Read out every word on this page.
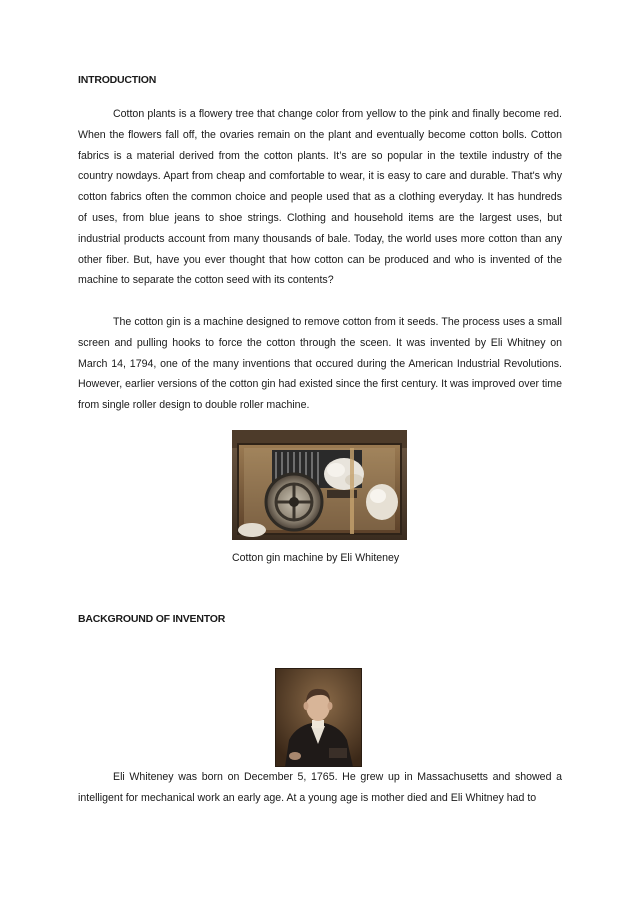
INTRODUCTION

Cotton plants is a flowery tree that change color from yellow to the pink and finally become red. When the flowers fall off, the ovaries remain on the plant and eventually become cotton bolls. Cotton fabrics is a material derived from the cotton plants. It’s are so popular in the textile industry of the country nowdays. Apart from cheap and comfortable to wear, it is easy to care and durable. That's why cotton fabrics often the common choice and people used that as a clothing everyday. It has hundreds of uses, from blue jeans to shoe strings. Clothing and household items are the largest uses, but industrial products account from many thousands of bale. Today, the world uses more cotton than any other fiber. But, have you ever thought that how cotton can be produced and who is invented of the machine to separate the cotton seed with its contents?

The cotton gin is a machine designed to remove cotton from it seeds. The process uses a small screen and pulling hooks to force the cotton through the sceen. It was invented by Eli Whitney on March 14, 1794, one of the many inventions that occured during the American Industrial Revolutions. However, earlier versions of the cotton gin had existed since the first century. It was improved over time from single roller design to double roller machine.

BACKGROUND OF INVENTOR

Eli Whiteney was born on December 5, 1765. He grew up in Massachusetts and showed a intelligent for mechanical work an early age. At a young age is mother died and Eli Whitney had to

Cotton gin machine by Eli Whiteney
